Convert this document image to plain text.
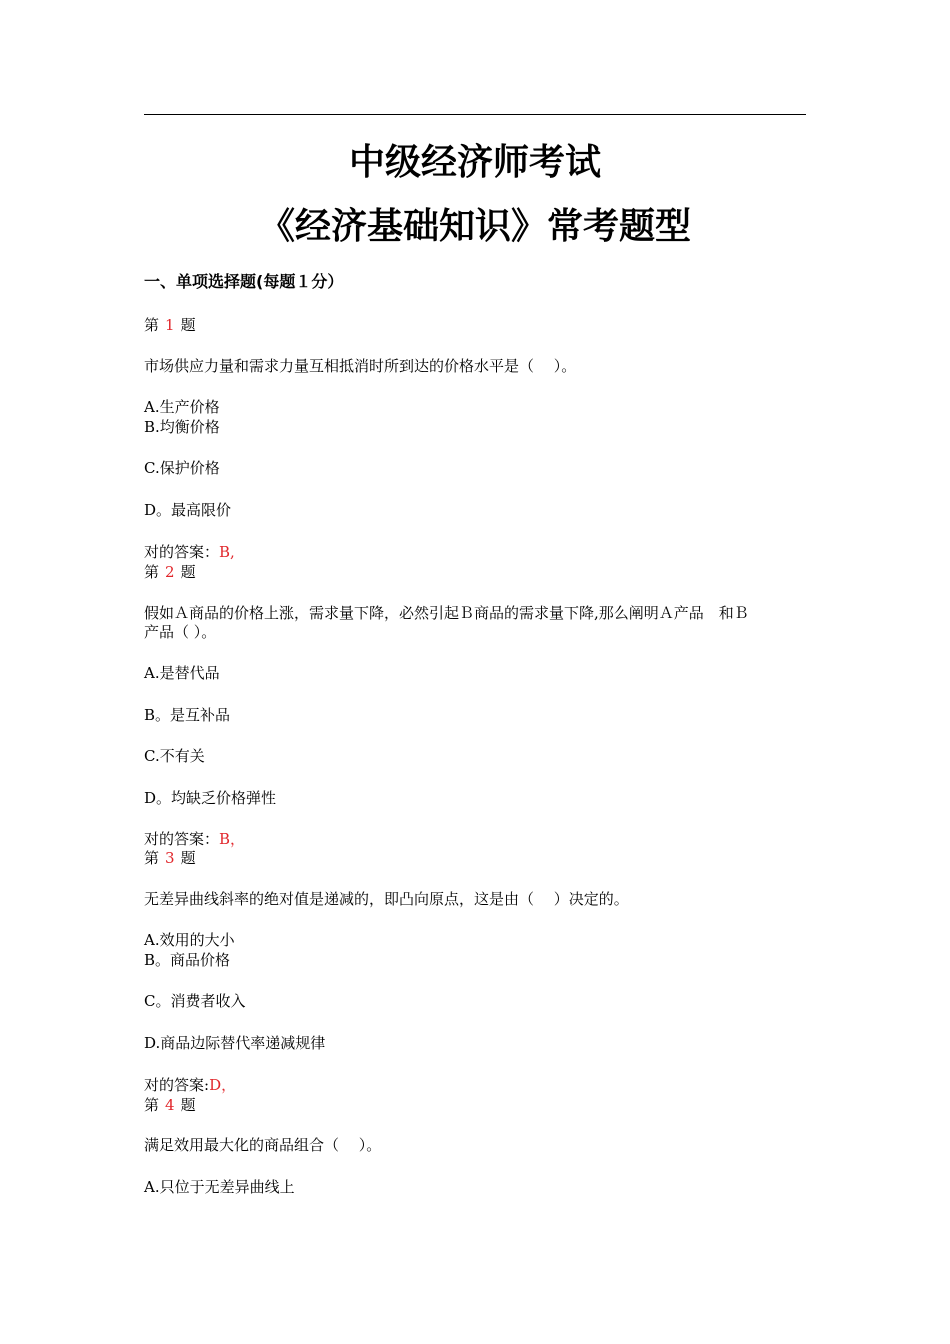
中级经济师考试
《经济基础知识》常考题型
一、单项选择题(每题１分）
第 1 题
市场供应力量和需求力量互相抵消时所到达的价格水平是（　 ）。
A.生产价格
B.均衡价格
C.保护价格
D。最高限价
对的答案：B,
第 2 题
假如Ａ商品的价格上涨，需求量下降，必然引起Ｂ商品的需求量下降,那么阐明Ａ产品　和Ｂ
产品（ ）。
A.是替代品
B。是互补品
C.不有关
D。均缺乏价格弹性
对的答案：B，
第 3 题
无差异曲线斜率的绝对值是递减的，即凸向原点，这是由（　 ）决定的。
A.效用的大小
B。商品价格
C。消费者收入
D.商品边际替代率递减规律
对的答案:D，
第 4 题
满足效用最大化的商品组合（　 ）。
A.只位于无差异曲线上
